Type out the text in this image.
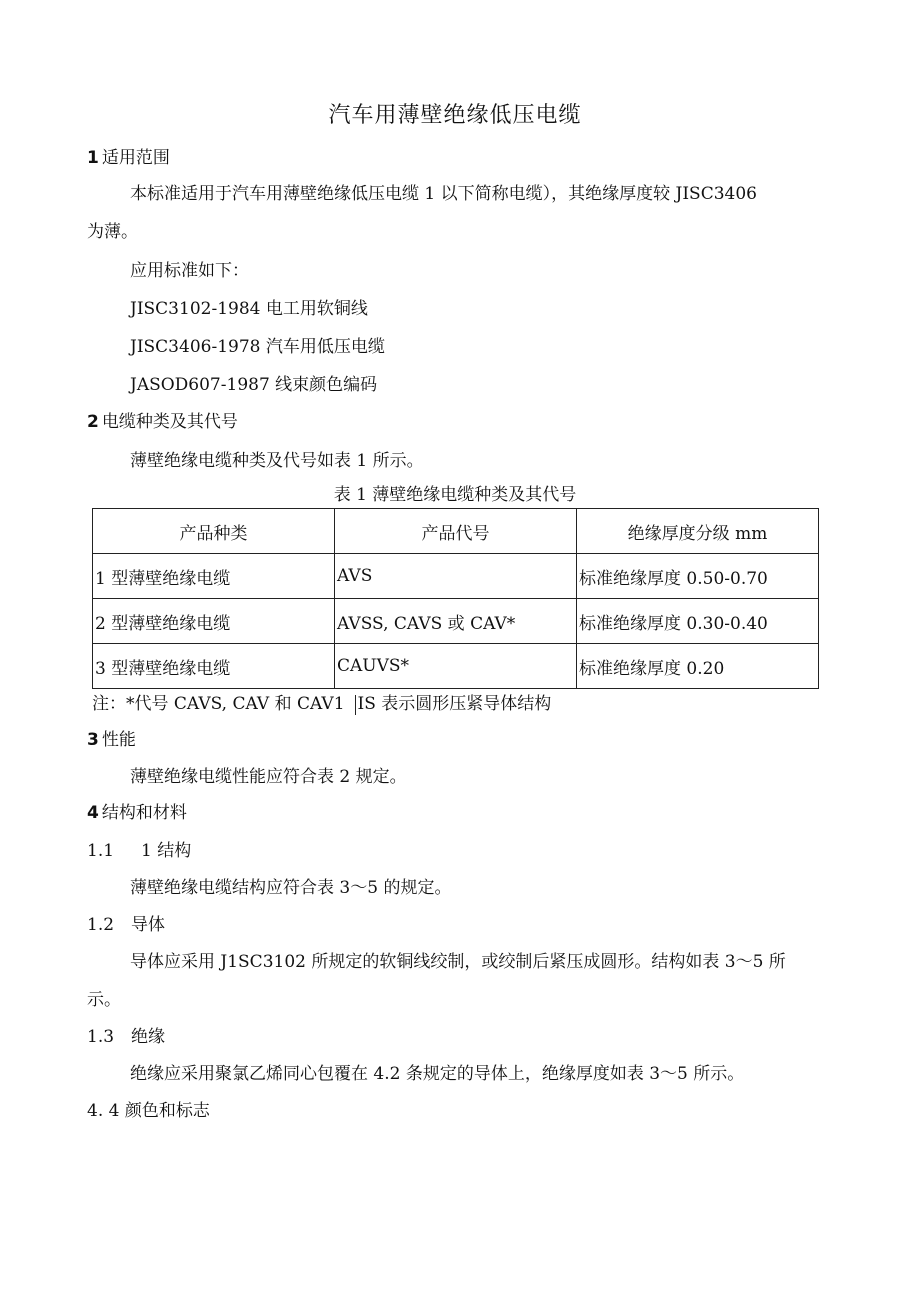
汽车用薄壁绝缘低压电缆
1 适用范围
本标准适用于汽车用薄壁绝缘低压电缆 1 以下简称电缆），其绝缘厚度较 JISC3406
为薄。
应用标准如下：
JISC3102-1984 电工用软铜线
JISC3406-1978 汽车用低压电缆
JASOD607-1987 线束颜色编码
2 电缆种类及其代号
薄壁绝缘电缆种类及代号如表 1 所示。
表 1 薄壁绝缘电缆种类及其代号
产品种类	产品代号	绝缘厚度分级 mm
1 型薄壁绝缘电缆	AVS	标准绝缘厚度 0.50-0.70
2 型薄壁绝缘电缆	AVSS, CAVS 或 CAV*	标准绝缘厚度 0.30-0.40
3 型薄壁绝缘电缆	CAUVS*	标准绝缘厚度 0.20
注：*代号 CAVS, CAV 和 CAV1 IS 表示圆形压紧导体结构
3 性能
薄壁绝缘电缆性能应符合表 2 规定。
4 结构和材料
1.1 1 结构
薄壁绝缘电缆结构应符合表 3～5 的规定。
1.2 导体
导体应采用 J1SC3102 所规定的软铜线绞制，或绞制后紧压成圆形。结构如表 3～5 所
示。
1.3 绝缘
绝缘应采用聚氯乙烯同心包覆在 4.2 条规定的导体上，绝缘厚度如表 3～5 所示。
4. 4 颜色和标志
